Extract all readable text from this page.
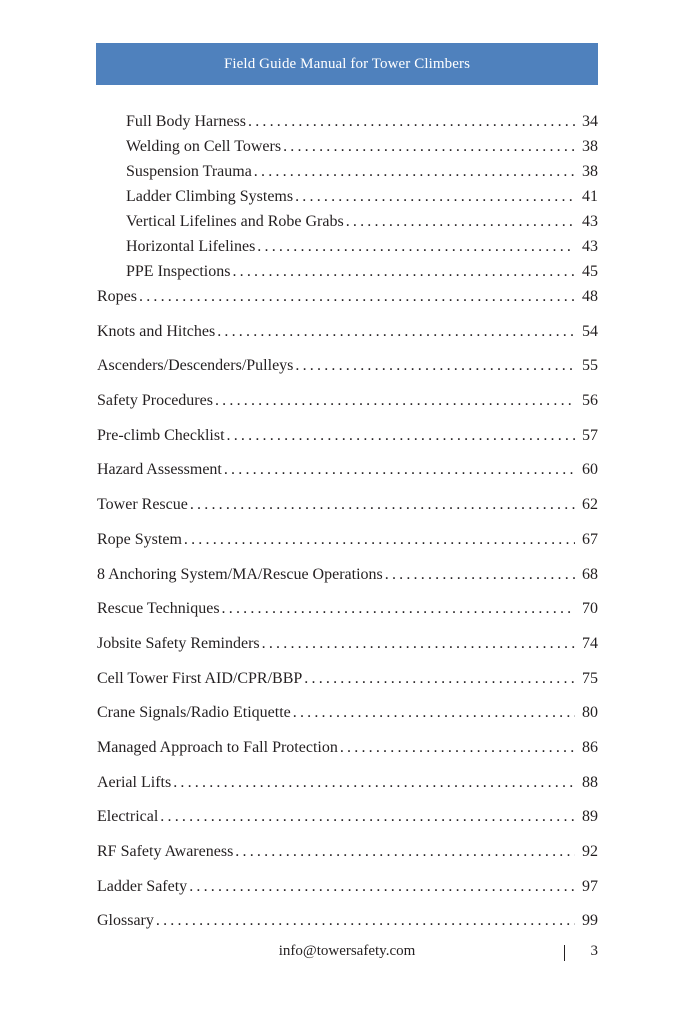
Field Guide Manual for Tower Climbers
Full Body Harness . . .	34
Welding on Cell Towers . . .	38
Suspension Trauma . . .	38
Ladder Climbing Systems . . .	41
Vertical Lifelines and Robe Grabs . . .	43
Horizontal Lifelines . . .	43
PPE Inspections . . .	45
Ropes . . .	48
Knots and Hitches . . .	54
Ascenders/Descenders/Pulleys . . .	55
Safety Procedures . . .	56
Pre-climb Checklist . . .	57
Hazard Assessment . . .	60
Tower Rescue . . .	62
Rope System . . .	67
8 Anchoring System/MA/Rescue Operations . . .	68
Rescue Techniques . . .	70
Jobsite Safety Reminders . . .	74
Cell Tower First AID/CPR/BBP . . .	75
Crane Signals/Radio Etiquette . . .	80
Managed Approach to Fall Protection . . .	86
Aerial Lifts . . .	88
Electrical . . .	89
RF Safety Awareness . . .	92
Ladder Safety . . .	97
Glossary . . .	99
info@towersafety.com	3
